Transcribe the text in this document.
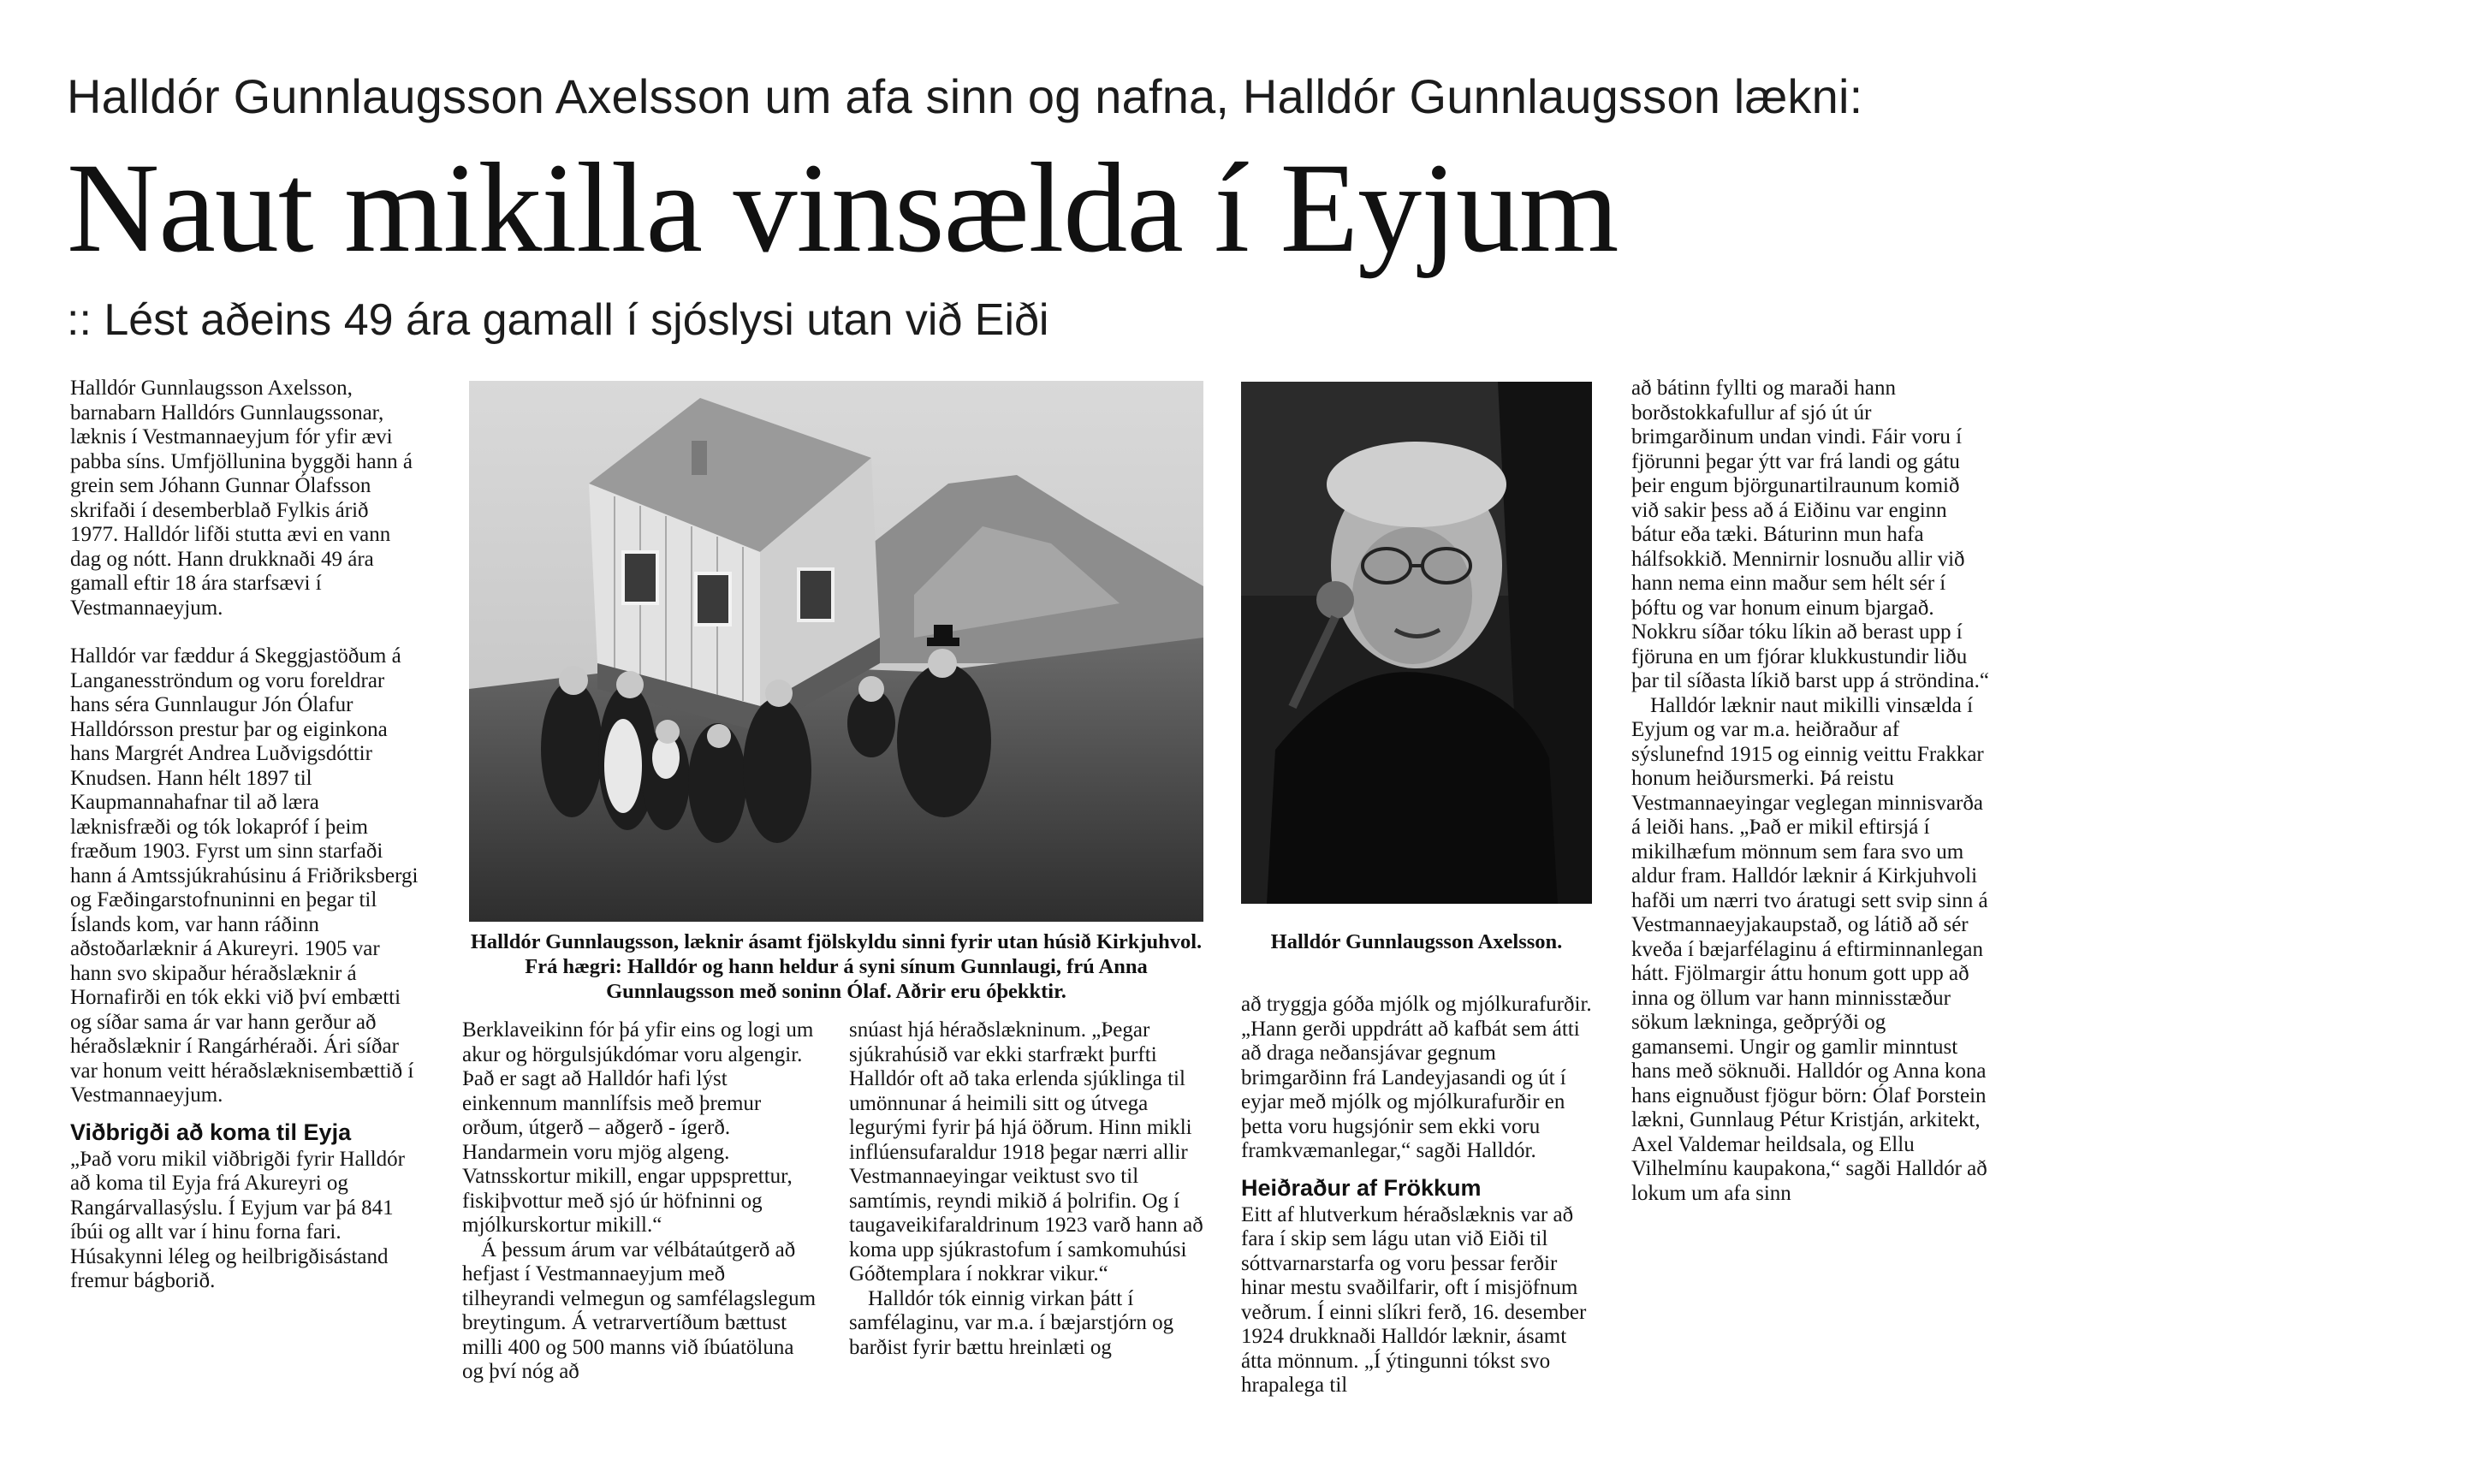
Halldór Gunnlaugsson Axelsson um afa sinn og nafna, Halldór Gunnlaugsson lækni:
Naut mikilla vinsælda í Eyjum
:: Lést aðeins 49 ára gamall í sjóslysi utan við Eiði

Halldór Gunnlaugsson Axelsson, barnabarn Halldórs Gunnlaugssonar, læknis í Vestmannaeyjum fór yfir ævi pabba síns. Umfjöllunina byggði hann á grein sem Jóhann Gunnar Ólafsson skrifaði í desemberblað Fylkis árið 1977. Halldór lifði stutta ævi en vann dag og nótt. Hann drukknaði 49 ára gamall eftir 18 ára starfsævi í Vestmannaeyjum.

Halldór var fæddur á Skeggjastöðum á Langanesströndum og voru foreldrar hans séra Gunnlaugur Jón Ólafur Halldórsson prestur þar og eiginkona hans Margrét Andrea Luðvigsdóttir Knudsen. Hann hélt 1897 til Kaupmannahafnar til að læra læknisfræði og tók lokapróf í þeim fræðum 1903. Fyrst um sinn starfaði hann á Amtssjúkrahúsinu á Friðriksbergi og Fæðingarstofnuninni en þegar til Íslands kom, var hann ráðinn aðstoðarlæknir á Akureyri. 1905 var hann svo skipaður héraðslæknir á Hornafirði en tók ekki við því embætti og síðar sama ár var hann gerður að héraðslæknir í Rangárhéraði. Ári síðar var honum veitt héraðslæknisembættið í Vestmannaeyjum.

Viðbrigði að koma til Eyja

„Það voru mikil viðbrigði fyrir Halldór að koma til Eyja frá Akureyri og Rangárvallasýslu. Í Eyjum var þá 841 íbúi og allt var í hinu forna fari. Húsakynni léleg og heilbrigðisástand fremur bágborið.

Halldór Gunnlaugsson, læknir ásamt fjölskyldu sinni fyrir utan húsið Kirkjuhvol. Frá hægri: Halldór og hann heldur á syni sínum Gunnlaugi, frú Anna Gunnlaugsson með soninn Ólaf. Aðrir eru óþekktir.
Halldór Gunnlaugsson Axelsson.

Berklaveikinn fór þá yfir eins og logi um akur og hörgulsjúkdómar voru algengir. Það er sagt að Halldór hafi lýst einkennum mannlífsis með þremur orðum, útgerð – aðgerð - ígerð. Handarmein voru mjög algeng. Vatnsskortur mikill, engar uppsprettur, fiskiþvottur með sjó úr höfninni og mjólkurskortur mikill.“

Á þessum árum var vélbátaútgerð að hefjast í Vestmannaeyjum með tilheyrandi velmegun og samfélagslegum breytingum. Á vetrarvertíðum bættust milli 400 og 500 manns við íbúatöluna og því nóg að

snúast hjá héraðslækninum. „Þegar sjúkrahúsið var ekki starfrækt þurfti Halldór oft að taka erlenda sjúklinga til umönnunar á heimili sitt og útvega legurými fyrir þá hjá öðrum. Hinn mikli inflúensufaraldur 1918 þegar nærri allir Vestmannaeyingar veiktust svo til samtímis, reyndi mikið á þolrifin. Og í taugaveikifaraldrinum 1923 varð hann að koma upp sjúkrastofum í samkomuhúsi Góðtemplara í nokkrar vikur.“

Halldór tók einnig virkan þátt í samfélaginu, var m.a. í bæjarstjórn og barðist fyrir bættu hreinlæti og

að tryggja góða mjólk og mjólkurafurðir. „Hann gerði uppdrátt að kafbát sem átti að draga neðansjávar gegnum brimgarðinn frá Landeyjasandi og út í eyjar með mjólk og mjólkurafurðir en þetta voru hugsjónir sem ekki voru framkvæmanlegar,“ sagði Halldór.

Heiðraður af Frökkum

Eitt af hlutverkum héraðslæknis var að fara í skip sem lágu utan við Eiði til sóttvarnarstarfa og voru þessar ferðir hinar mestu svaðilfarir, oft í misjöfnum veðrum. Í einni slíkri ferð, 16. desember 1924 drukknaði Halldór læknir, ásamt átta mönnum. „Í ýtingunni tókst svo hrapalega til

að bátinn fyllti og maraði hann borðstokkafullur af sjó út úr brimgarðinum undan vindi. Fáir voru í fjörunni þegar ýtt var frá landi og gátu þeir engum björgunartilraunum komið við sakir þess að á Eiðinu var enginn bátur eða tæki. Báturinn mun hafa hálfsokkið. Mennirnir losnuðu allir við hann nema einn maður sem hélt sér í þóftu og var honum einum bjargað. Nokkru síðar tóku líkin að berast upp í fjöruna en um fjórar klukkustundir liðu þar til síðasta líkið barst upp á ströndina.“

Halldór læknir naut mikilli vinsælda í Eyjum og var m.a. heiðraður af sýslunefnd 1915 og einnig veittu Frakkar honum heiðursmerki. Þá reistu Vestmannaeyingar veglegan minnisvarða á leiði hans. „Það er mikil eftirsjá í mikilhæfum mönnum sem fara svo um aldur fram. Halldór læknir á Kirkjuhvoli hafði um nærri tvo áratugi sett svip sinn á Vestmannaeyjakaupstað, og látið að sér kveða í bæjarfélaginu á eftirminnanlegan hátt. Fjölmargir áttu honum gott upp að inna og öllum var hann minnisstæður sökum lækninga, geðprýði og gamansemi. Ungir og gamlir minntust hans með söknuði. Halldór og Anna kona hans eignuðust fjögur börn: Ólaf Þorstein lækni, Gunnlaug Pétur Kristján, arkitekt, Axel Valdemar heildsala, og Ellu Vilhelmínu kaupakona,“ sagði Halldór að lokum um afa sinn
